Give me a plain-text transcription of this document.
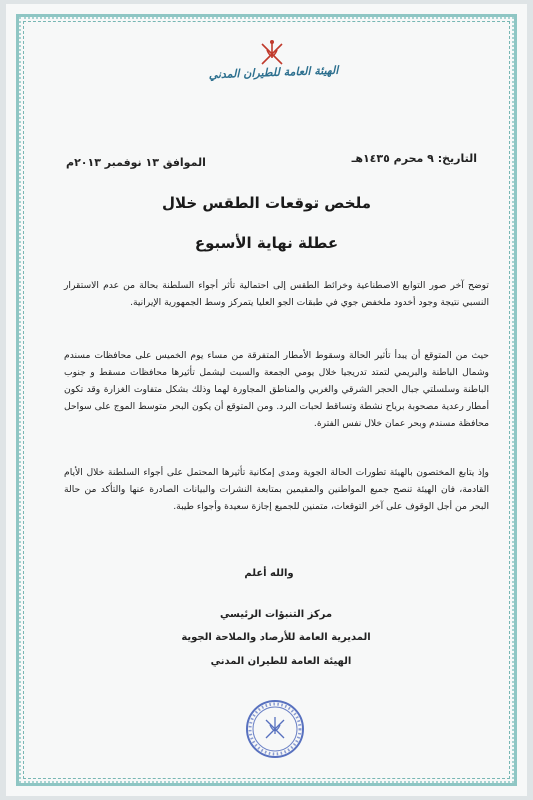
الهيئة العامة للطيران المدني
التاريخ: ٩ محرم ١٤٣٥هـ
الموافق ١٣ نوفمبر ٢٠١٣م
ملخص توقعات الطقس خلال
عطلة نهاية الأسبوع
توضح آخر صور التوابع الاصطناعية وخرائط الطقس إلى احتمالية تأثر أجواء السلطنة بحالة من عدم الاستقرار النسبي نتيجة وجود أخدود ملخفض جوي في طبقات الجو العليا يتمركز وسط الجمهورية الإيرانية.
حيث من المتوقع أن يبدأ تأثير الحالة وسقوط الأمطار المتفرقة من مساء يوم الخميس على محافظات مسندم وشمال الباطنة والبريمي لتمتد تدريجيا خلال يومي الجمعة والسبت ليشمل تأثيرها محافظات مسقط و جنوب الباطنة وسلسلتي جبال الحجر الشرقي والغربي والمناطق المجاورة لهما وذلك بشكل متفاوت الغزارة وقد تكون أمطار رعدية مصحوبة برياح نشطة وتساقط لحبات البرد. ومن المتوقع أن يكون البحر متوسط الموج على سواحل محافظة مسندم وبحر عمان خلال نفس الفترة.
وإذ يتابع المختصون بالهيئة تطورات الحالة الجوية ومدى إمكانية تأثيرها المحتمل على أجواء السلطنة خلال الأيام القادمة، فان الهيئة تنصح جميع المواطنين والمقيمين بمتابعة النشرات والبيانات الصادرة عنها والتأكد من حالة البحر من أجل الوقوف على آخر التوقعات، متمنين للجميع إجازة سعيدة وأجواء طيبة.
والله أعلم
مركز التنبؤات الرئيسي
المديرية العامة للأرصاد والملاحة الجوية
الهيئة العامة للطيران المدني
